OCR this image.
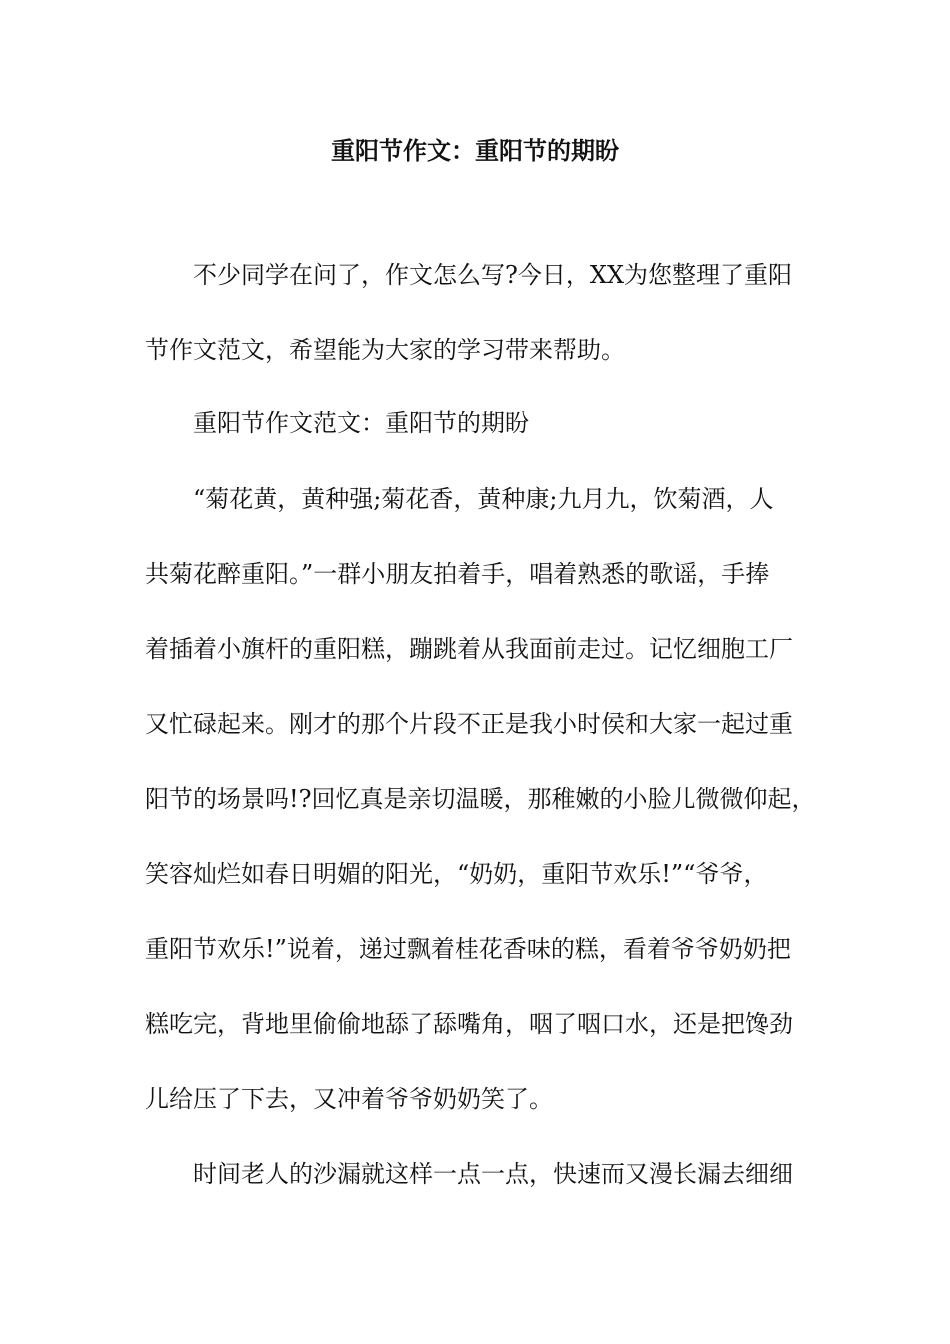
重阳节作文：重阳节的期盼
　　不少同学在问了，作文怎么写?今日，XX为您整理了重阳
节作文范文，希望能为大家的学习带来帮助。
　　重阳节作文范文：重阳节的期盼
　　“菊花黄，黄种强;菊花香，黄种康;九月九，饮菊酒，人
共菊花醉重阳。”一群小朋友拍着手，唱着熟悉的歌谣，手捧
着插着小旗杆的重阳糕，蹦跳着从我面前走过。记忆细胞工厂
又忙碌起来。刚才的那个片段不正是我小时侯和大家一起过重
阳节的场景吗!?回忆真是亲切温暖，那稚嫩的小脸儿微微仰起，
笑容灿烂如春日明媚的阳光，“奶奶，重阳节欢乐!”“爷爷，
重阳节欢乐!”说着，递过飘着桂花香味的糕，看着爷爷奶奶把
糕吃完，背地里偷偷地舔了舔嘴角，咽了咽口水，还是把馋劲
儿给压了下去，又冲着爷爷奶奶笑了。
　　时间老人的沙漏就这样一点一点，快速而又漫长漏去细细
